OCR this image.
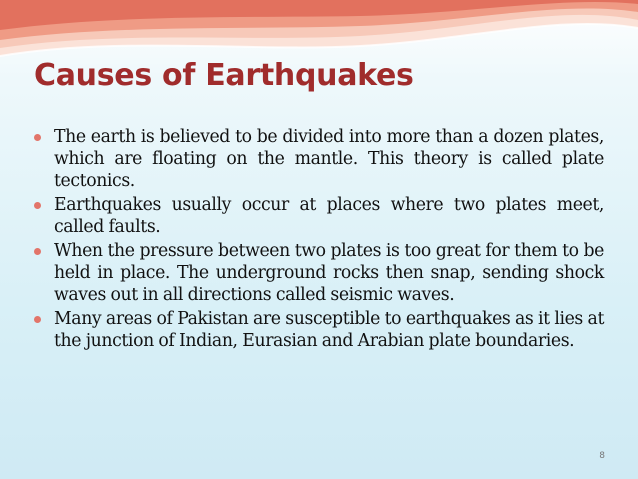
Causes of Earthquakes
The earth is believed to be divided into more than a dozen plates, which are floating on the mantle. This theory is called plate tectonics.
Earthquakes usually occur at places where two plates meet, called faults.
When the pressure between two plates is too great for them to be held in place. The underground rocks then snap, sending shock waves out in all directions called seismic waves.
Many areas of Pakistan are susceptible to earthquakes as it lies at the junction of Indian, Eurasian and Arabian plate boundaries.
8
